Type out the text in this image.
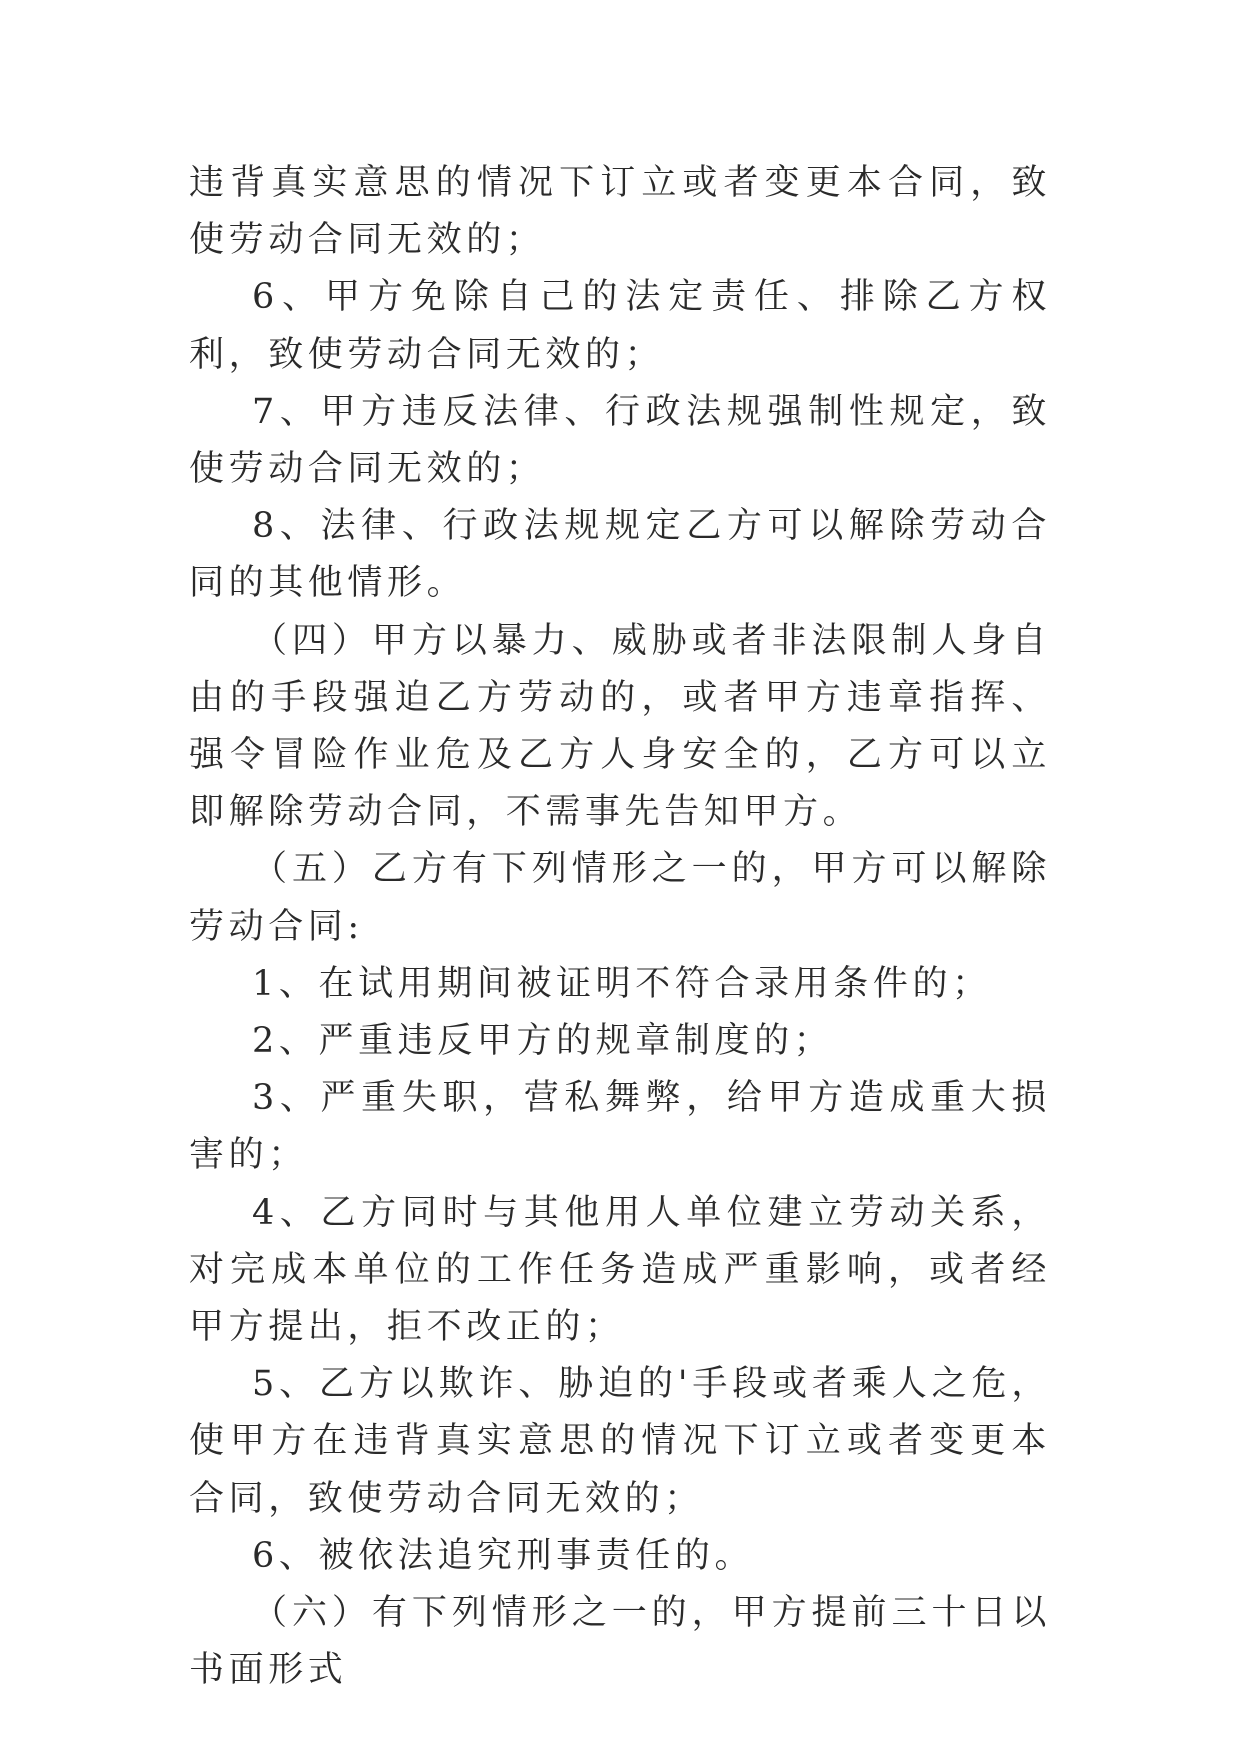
违背真实意思的情况下订立或者变更本合同，致使劳动合同无效的；

6、甲方免除自己的法定责任、排除乙方权利，致使劳动合同无效的；

7、甲方违反法律、行政法规强制性规定，致使劳动合同无效的；

8、法律、行政法规规定乙方可以解除劳动合同的其他情形。

（四）甲方以暴力、威胁或者非法限制人身自由的手段强迫乙方劳动的，或者甲方违章指挥、强令冒险作业危及乙方人身安全的，乙方可以立即解除劳动合同，不需事先告知甲方。

（五）乙方有下列情形之一的，甲方可以解除劳动合同:

1、在试用期间被证明不符合录用条件的；

2、严重违反甲方的规章制度的；

3、严重失职，营私舞弊，给甲方造成重大损害的；

4、乙方同时与其他用人单位建立劳动关系，对完成本单位的工作任务造成严重影响，或者经甲方提出，拒不改正的；

5、乙方以欺诈、胁迫的'手段或者乘人之危，使甲方在违背真实意思的情况下订立或者变更本合同，致使劳动合同无效的；

6、被依法追究刑事责任的。

（六）有下列情形之一的，甲方提前三十日以书面形式
